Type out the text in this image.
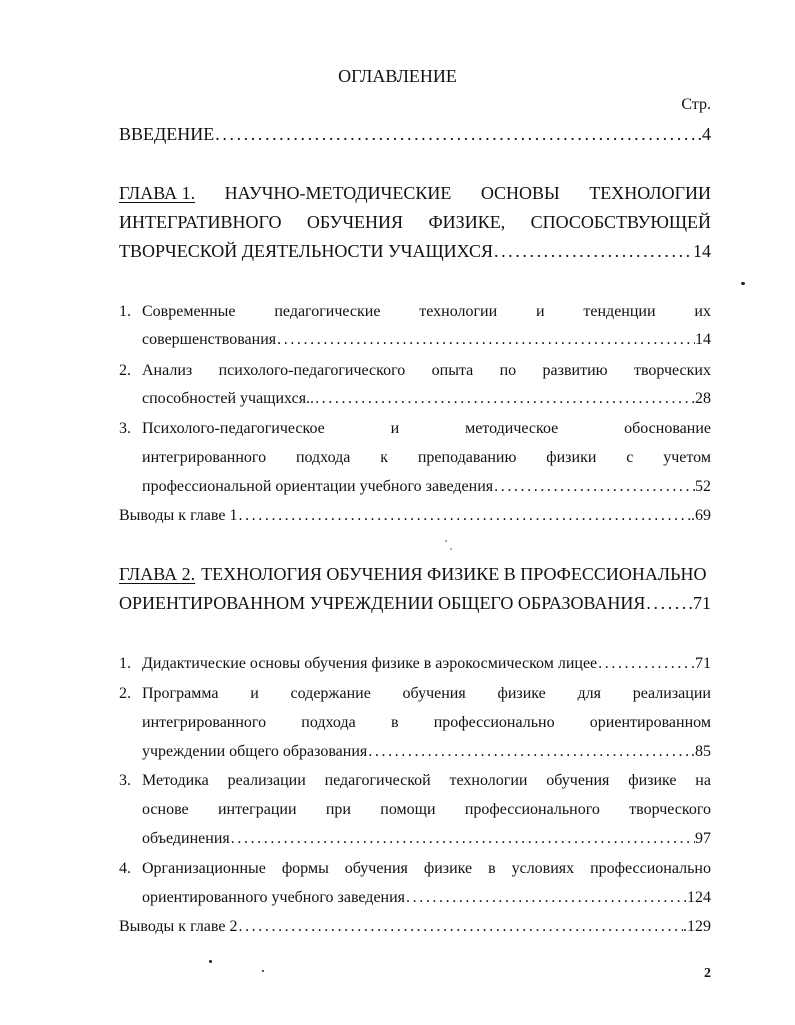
ОГЛАВЛЕНИЕ
Стр.
ВВЕДЕНИЕ .....	.4
ГЛАВА 1. НАУЧНО-МЕТОДИЧЕСКИЕ ОСНОВЫ ТЕХНОЛОГИИ
ИНТЕГРАТИВНОГО ОБУЧЕНИЯ ФИЗИКЕ, СПОСОБСТВУЮЩЕЙ
ТВОРЧЕСКОЙ ДЕЯТЕЛЬНОСТИ УЧАЩИХСЯ .....	14
1. Современные педагогические технологии и тенденции их
совершенствования .....	14
2. Анализ психолого-педагогического опыта по развитию творческих
способностей учащихся.. .....	28
3. Психолого-педагогическое	и	методическое	обоснование
интегрированного подхода к преподаванию физики с учетом
профессиональной ориентации учебного заведения .....	52
Выводы к главе 1 .....	.69
ГЛАВА 2. ТЕХНОЛОГИЯ ОБУЧЕНИЯ ФИЗИКЕ В ПРОФЕССИОНАЛЬНО
ОРИЕНТИРОВАННОМ УЧРЕЖДЕНИИ ОБЩЕГО ОБРАЗОВАНИЯ ..... .71
1. Дидактические основы обучения физике в аэрокосмическом лицее .....	.71
2. Программа и содержание обучения физике для реализации
интегрированного подхода в профессионально ориентированном
учреждении общего образования .....	.85
3. Методика реализации педагогической технологии обучения физике на
основе интеграции при помощи профессионального творческого
объединения .....	97
4. Организационные формы обучения физике в условиях профессионально
ориентированного учебного заведения .....	124
Выводы к главе 2 .....	.129
2
